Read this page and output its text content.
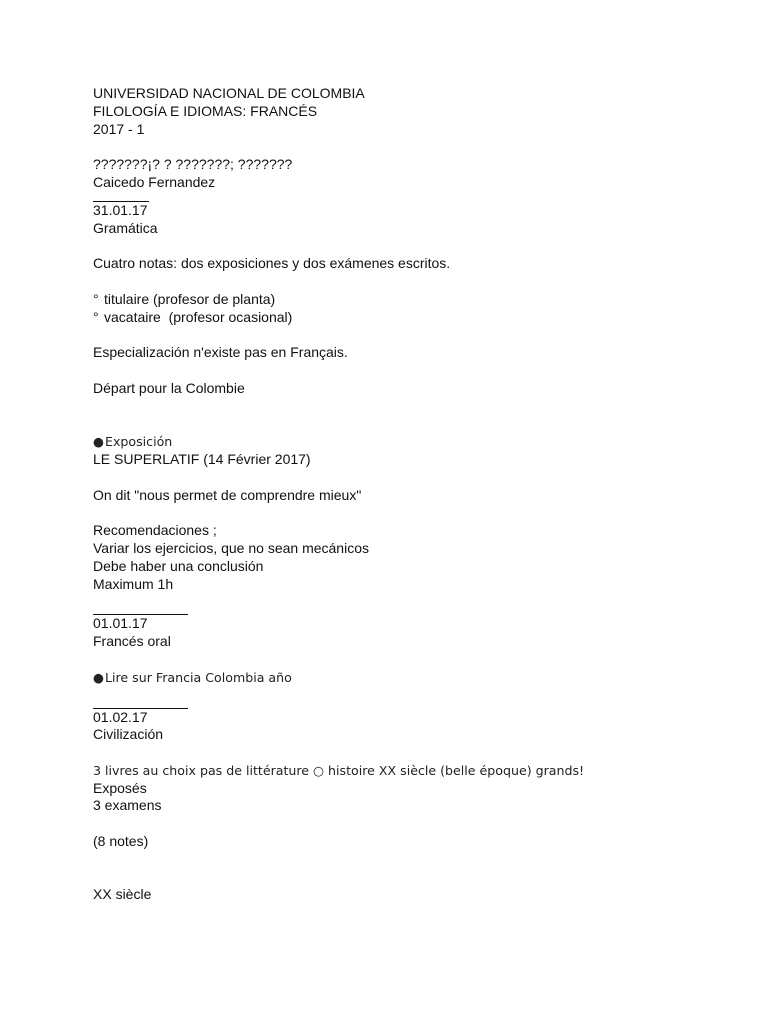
UNIVERSIDAD NACIONAL DE COLOMBIA
FILOLOGÍA E IDIOMAS: FRANCÉS
2017 - 1
???????¡? ? ???????; ???????
Caicedo Fernandez
31.01.17
Gramática
Cuatro notas: dos exposiciones y dos exámenes escritos.
° titulaire (profesor de planta)
° vacataire  (profesor ocasional)
Especialización n'existe pas en Français.
Départ pour la Colombie
●Exposición
LE SUPERLATIF (14 Février 2017)
On dit "nous permet de comprendre mieux"
Recomendaciones ;
Variar los ejercicios, que no sean mecánicos
Debe haber una conclusión
Maximum 1h
01.01.17
Francés oral
●Lire sur Francia Colombia año
01.02.17
Civilización
3 livres au choix pas de littérature ○ histoire XX siècle (belle époque) grands!
Exposés
3 examens
(8 notes)
XX siècle
